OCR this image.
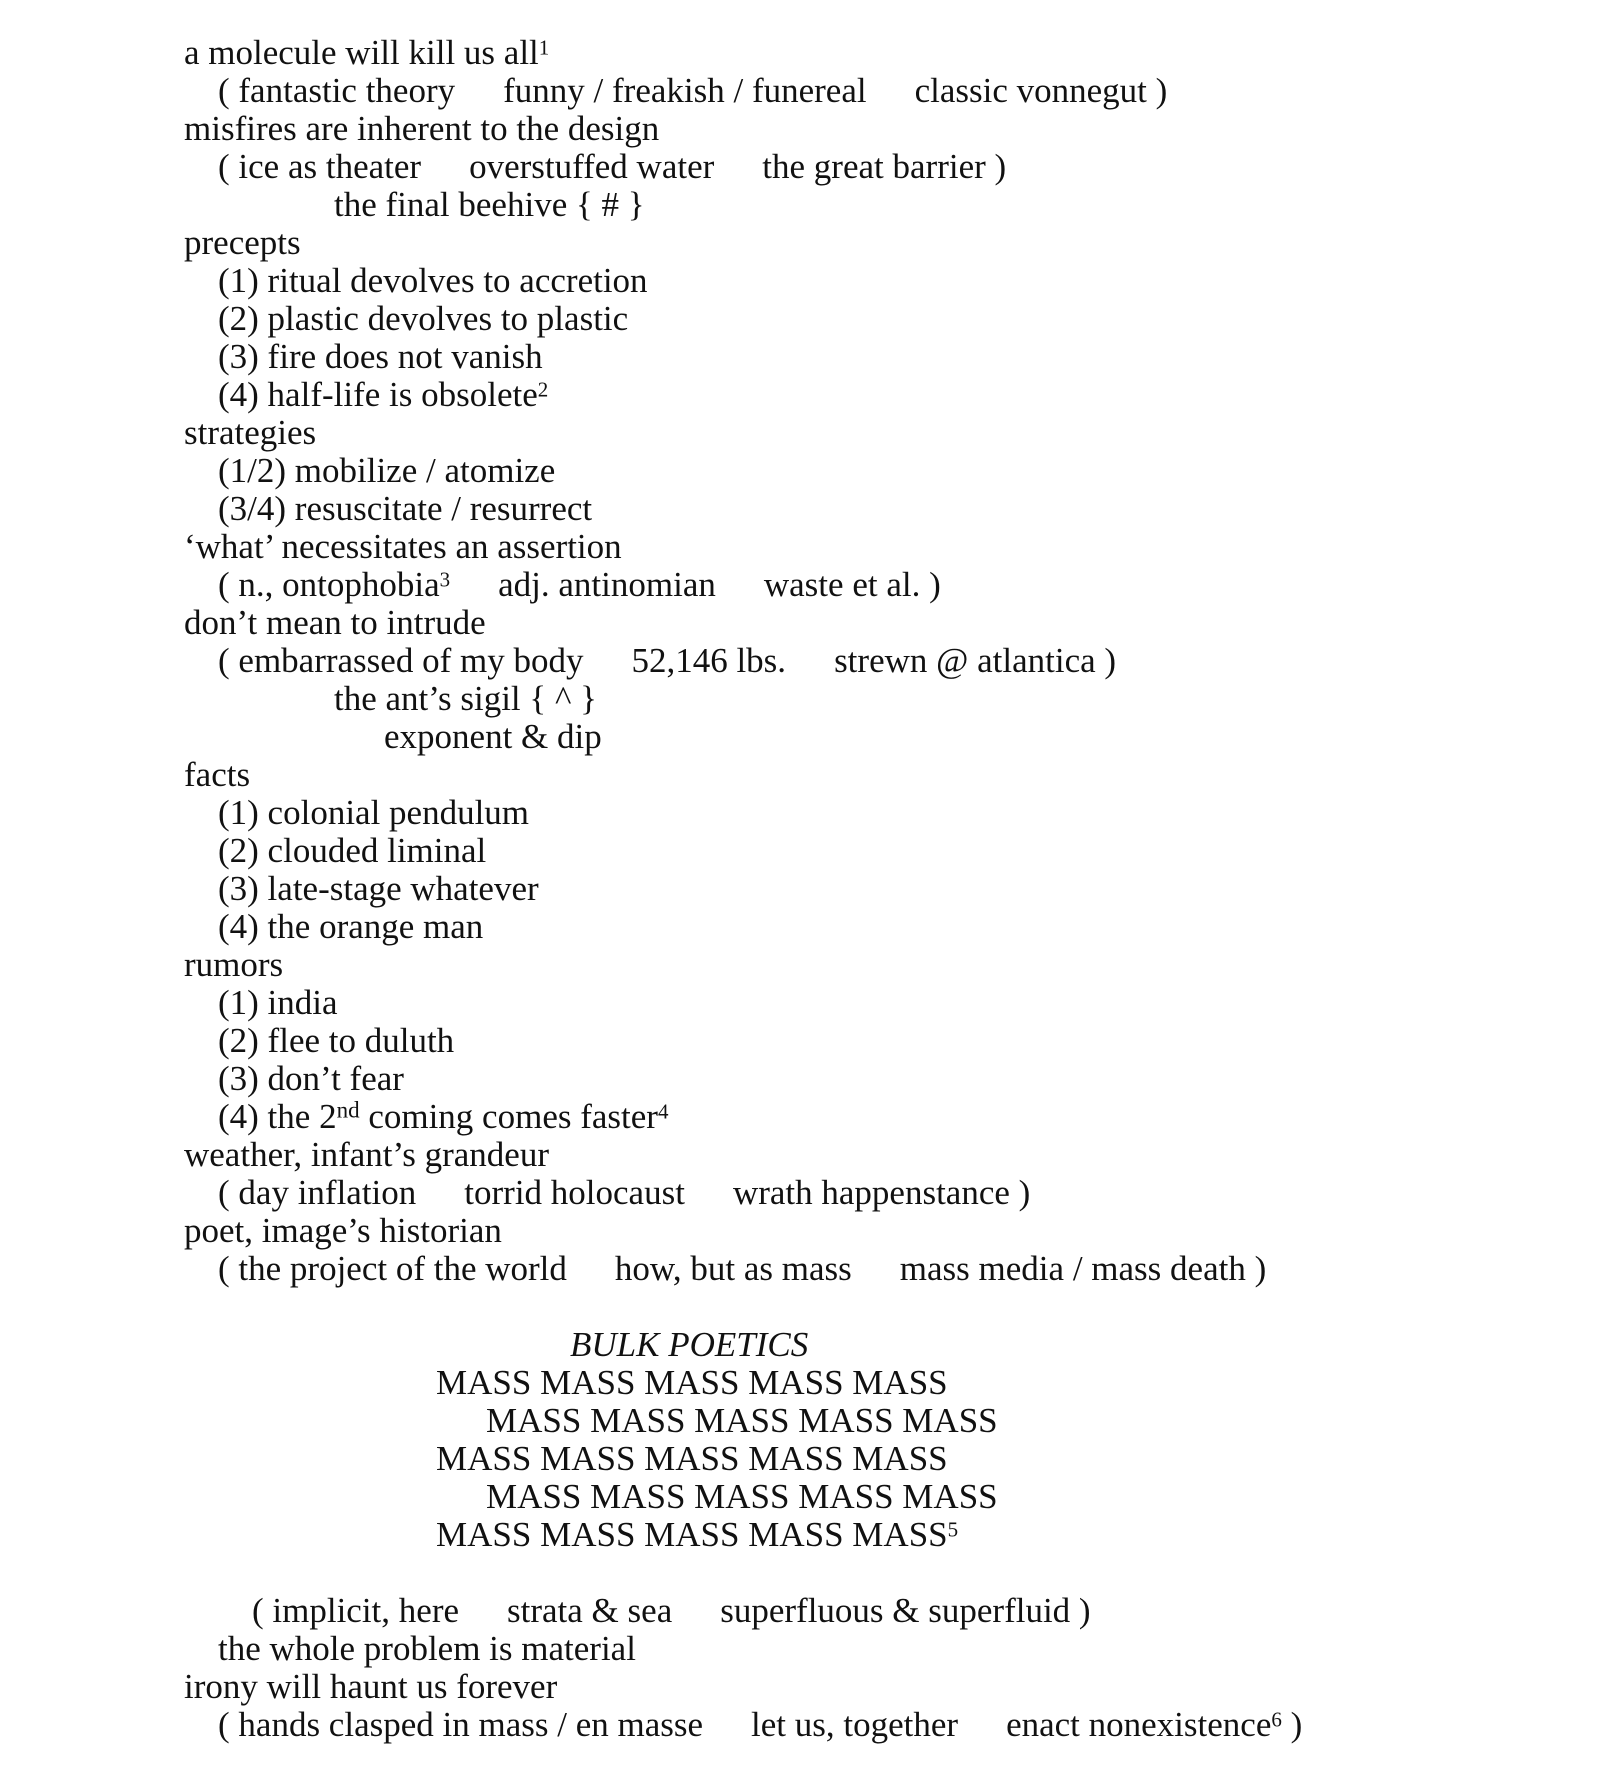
a molecule will kill us all$^1$
( fantastic theory funny / freakish / funereal classic vonnegut )
misfires are inherent to the design
( ice as theater overstuffed water the great barrier )
the final beehive { # }
precepts
(1) ritual devolves to accretion
(2) plastic devolves to plastic
(3) fire does not vanish
(4) half-life is obsolete$^2$
strategies
(1/2) mobilize / atomize
(3/4) resuscitate / resurrect
‘what’ necessitates an assertion
( n., ontophobia$^3$ adj. antinomian waste et al. )
don’t mean to intrude
( embarrassed of my body 52,146 lbs. strewn @ atlantica )
the ant’s sigil { ^ }
exponent & dip
facts
(1) colonial pendulum
(2) clouded liminal
(3) late-stage whatever
(4) the orange man
rumors
(1) india
(2) flee to duluth
(3) don’t fear
(4) the 2nd coming comes faster$^4$
weather, infant’s grandeur
( day inflation torrid holocaust wrath happenstance )
poet, image’s historian
( the project of the world how, but as mass mass media / mass death )
BULK POETICS
MASS MASS MASS MASS MASS
MASS MASS MASS MASS MASS
MASS MASS MASS MASS MASS
MASS MASS MASS MASS MASS
MASS MASS MASS MASS MASS$^5$
( implicit, here strata & sea superfluous & superfluid )
the whole problem is material
irony will haunt us forever
( hands clasped in mass / en masse let us, together enact nonexistence$^6$ )
